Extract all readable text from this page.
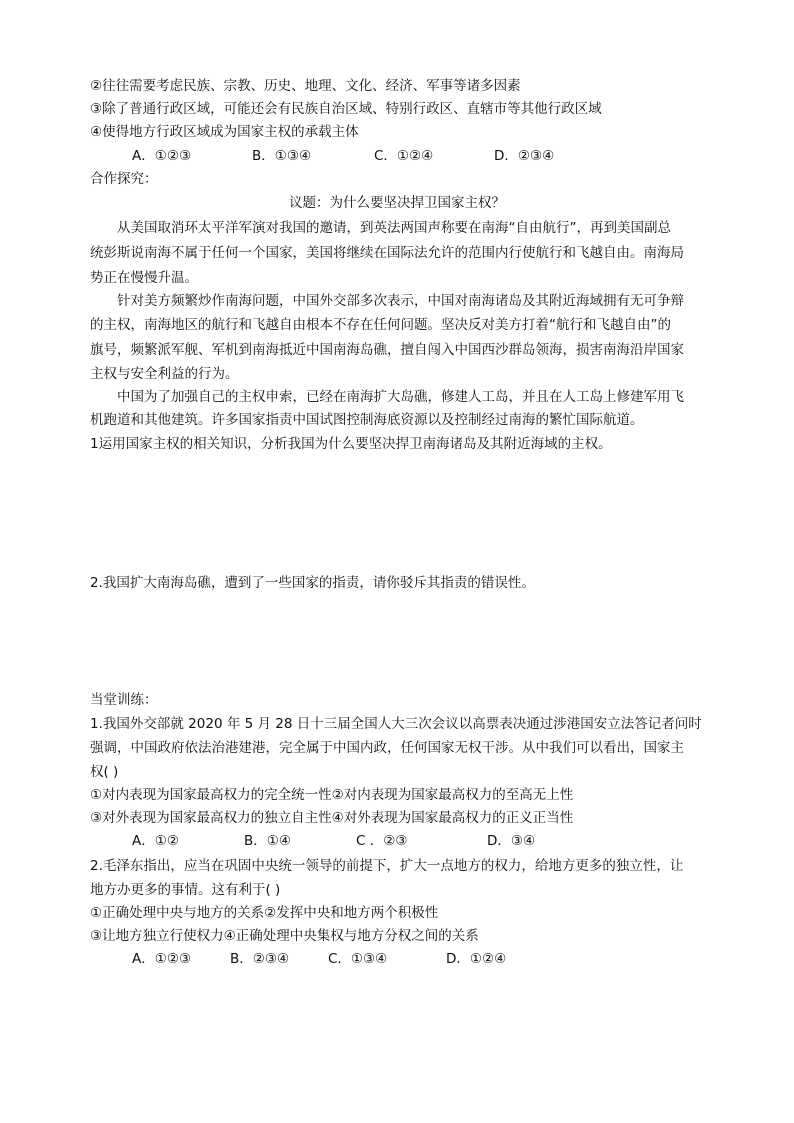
②往往需要考虑民族、宗教、历史、地理、文化、经济、军事等诸多因素
③除了普通行政区域，可能还会有民族自治区域、特别行政区、直辖市等其他行政区域
④使得地方行政区域成为国家主权的承载主体
A．①②③	B．①③④	C．①②④	D．②③④
合作探究：
议题：为什么要坚决捍卫国家主权？
从美国取消环太平洋军演对我国的邀请，到英法两国声称要在南海“自由航行”，再到美国副总
统彭斯说南海不属于任何一个国家，美国将继续在国际法允许的范围内行使航行和飞越自由。南海局
势正在慢慢升温。
针对美方频繁炒作南海问题，中国外交部多次表示，中国对南海诸岛及其附近海域拥有无可争辩
的主权，南海地区的航行和飞越自由根本不存在任何问题。坚决反对美方打着“航行和飞越自由”的
旗号，频繁派军舰、军机到南海抵近中国南海岛礁，擅自闯入中国西沙群岛领海，损害南海沿岸国家
主权与安全利益的行为。
中国为了加强自己的主权申索，已经在南海扩大岛礁，修建人工岛，并且在人工岛上修建军用飞
机跑道和其他建筑。许多国家指责中国试图控制海底资源以及控制经过南海的繁忙国际航道。
1运用国家主权的相关知识，分析我国为什么要坚决捍卫南海诸岛及其附近海域的主权。
2.我国扩大南海岛礁，遭到了一些国家的指责，请你驳斥其指责的错误性。
当堂训练：
1.我国外交部就 2020 年 5 月 28 日十三届全国人大三次会议以高票表决通过涉港国安立法答记者问时
强调，中国政府依法治港建港，完全属于中国内政，任何国家无权干涉。从中我们可以看出，国家主
权( )
①对内表现为国家最高权力的完全统一性②对内表现为国家最高权力的至高无上性
③对外表现为国家最高权力的独立自主性④对外表现为国家最高权力的正义正当性
A．①②	B．①④	C ．②③	D．③④
2.毛泽东指出，应当在巩固中央统一领导的前提下，扩大一点地方的权力，给地方更多的独立性，让
地方办更多的事情。这有利于( )
①正确处理中央与地方的关系②发挥中央和地方两个积极性
③让地方独立行使权力④正确处理中央集权与地方分权之间的关系
A．①②③	B．②③④	C．①③④	D．①②④
